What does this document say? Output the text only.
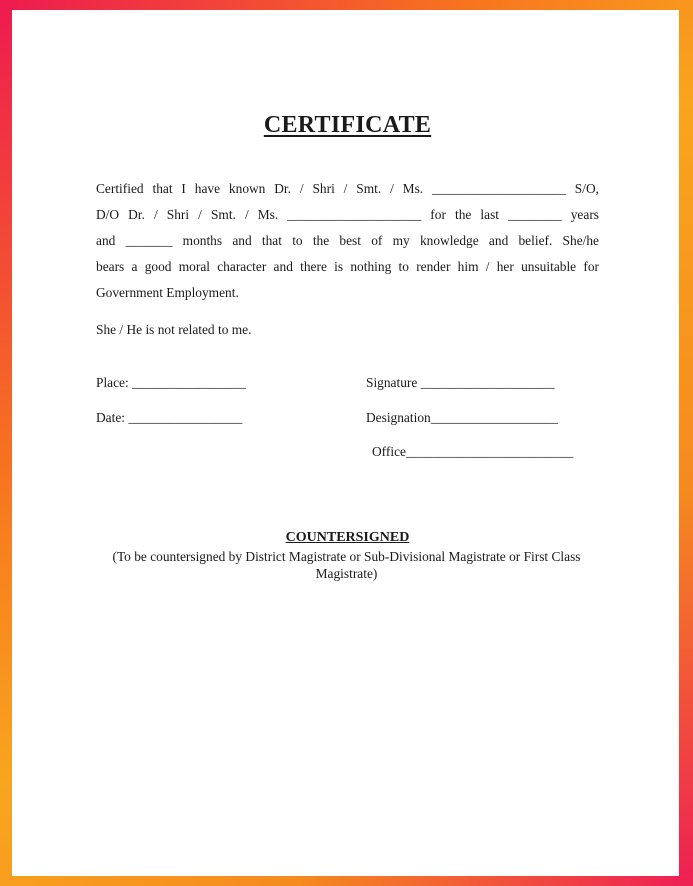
CERTIFICATE

Certified that I have known Dr. / Shri / Smt. / Ms. ____________________ S/O,
D/O Dr. / Shri / Smt. / Ms. ____________________ for the last ________ years
and _______ months and that to the best of my knowledge and belief. She/he
bears a good moral character and there is nothing to render him / her unsuitable for
Government Employment.

She / He is not related to me.

Place: _________________

Date: _________________

Signature ____________________

Designation___________________

Office_________________________

COUNTERSIGNED

(To be countersigned by District Magistrate or Sub-Divisional Magistrate or First Class Magistrate)
